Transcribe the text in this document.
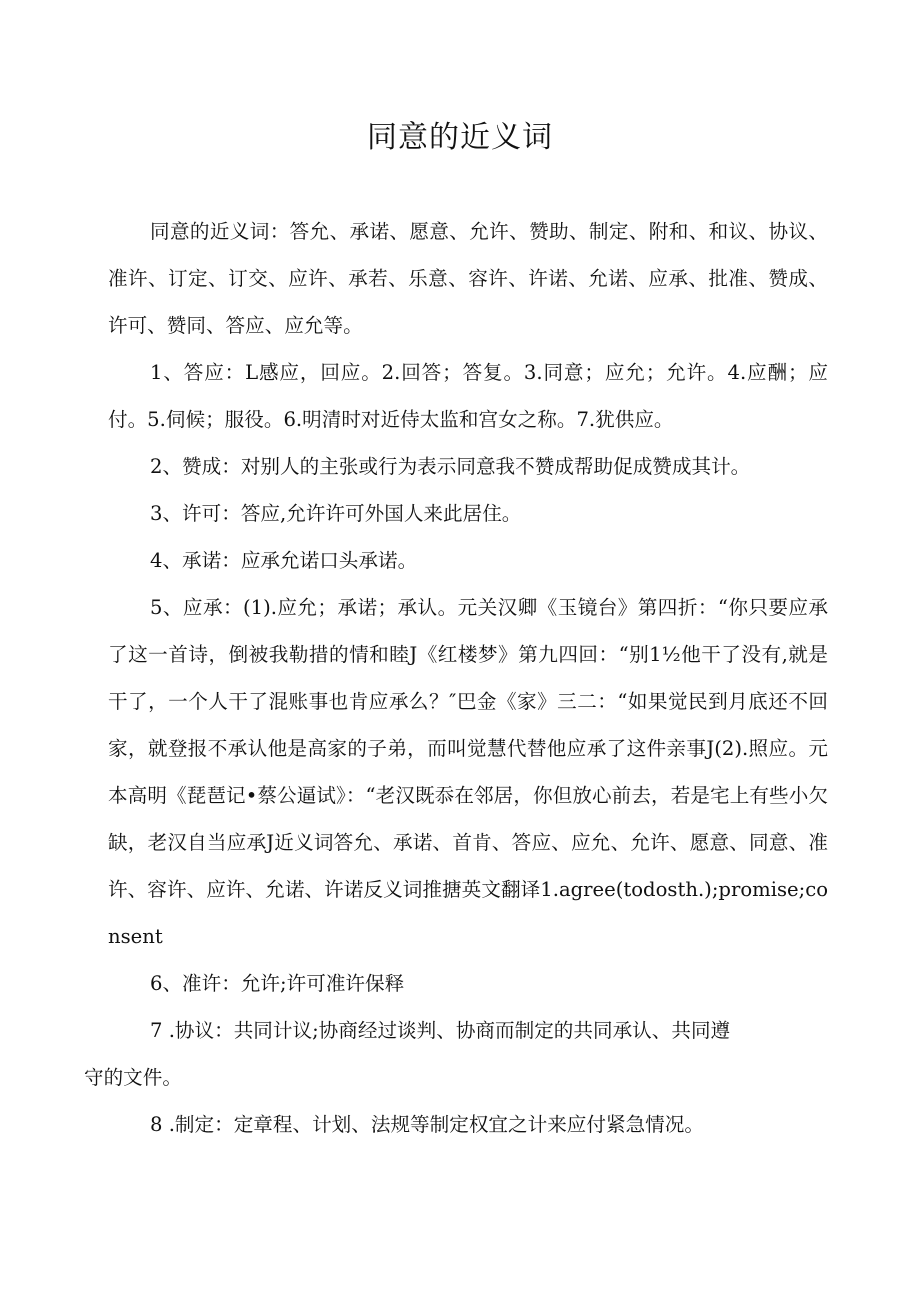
同意的近义词

同意的近义词：答允、承诺、愿意、允许、赞助、制定、附和、和议、协议、准许、订定、订交、应许、承若、乐意、容许、许诺、允诺、应承、批准、赞成、许可、赞同、答应、应允等。

1、答应：L感应，回应。2.回答；答复。3.同意；应允；允许。4.应酬；应付。5.伺候；服役。6.明清时对近侍太监和宫女之称。7.犹供应。

2、赞成：对别人的主张或行为表示同意我不赞成帮助促成赞成其计。

3、许可：答应,允许许可外国人来此居住。

4、承诺：应承允诺口头承诺。

5、应承：(1).应允；承诺；承认。元关汉卿《玉镜台》第四折：“你只要应承了这一首诗，倒被我勒措的情和睦J《红楼梦》第九四回：“别1½他干了没有,就是干了，一个人干了混账事也肯应承么？″巴金《家》三二：“如果觉民到月底还不回家，就登报不承认他是高家的子弟，而叫觉慧代替他应承了这件亲事J(2).照应。元本高明《琵琶记•蔡公逼试》：“老汉既忝在邻居，你但放心前去，若是宅上有些小欠缺，老汉自当应承J近义词答允、承诺、首肯、答应、应允、允许、愿意、同意、准许、容许、应许、允诺、许诺反义词推搪英文翻译1.agree(todosth.);promise;consent

6、准许：允许;许可准许保释

7 .协议：共同计议;协商经过谈判、协商而制定的共同承认、共同遵

守的文件。

8 .制定：定章程、计划、法规等制定权宜之计来应付紧急情况。
